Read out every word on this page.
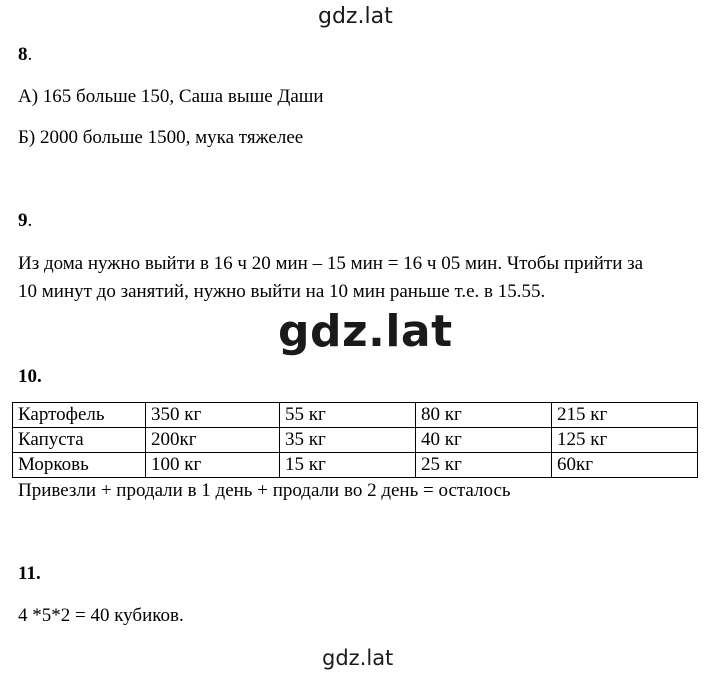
gdz.lat
8.
А) 165 больше 150, Саша выше Даши
Б) 2000 больше 1500, мука тяжелее
9.
Из дома нужно выйти в 16 ч 20 мин – 15 мин = 16 ч 05 мин. Чтобы прийти за
10 минут до занятий, нужно выйти на 10 мин раньше т.е. в 15.55.
gdz.lat
10.
Картофель	350 кг	55 кг	80 кг	215 кг
Капуста	200кг	35 кг	40 кг	125 кг
Морковь	100 кг	15 кг	25 кг	60кг
Привезли + продали в 1 день + продали во 2 день = осталось
11.
4 *5*2 = 40 кубиков.
gdz.lat
